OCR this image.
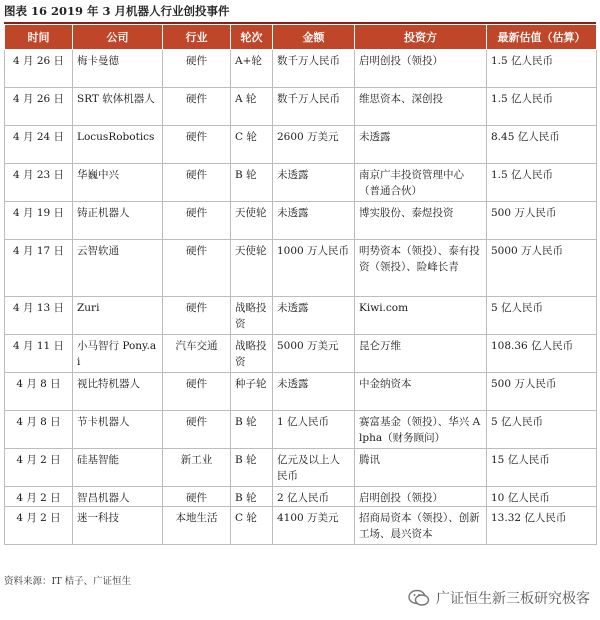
图表 16 2019 年 3 月机器人行业创投事件
时间	公司	行业	轮次	金额	投资方	最新估值（估算）
4 月 26 日	梅卡曼德	硬件	A+轮	数千万人民币	启明创投（领投）	1.5 亿人民币
4 月 26 日	SRT 软体机器人	硬件	A 轮	数千万人民币	维思资本、深创投	1.5 亿人民币
4 月 24 日	LocusRobotics	硬件	C 轮	2600 万美元	未透露	8.45 亿人民币
4 月 23 日	华巍中兴	硬件	B 轮	未透露	南京广丰投资管理中心（普通合伙）	1.5 亿人民币
4 月 19 日	铸正机器人	硬件	天使轮	未透露	博实股份、泰煜投资	500 万人民币
4 月 17 日	云智软通	硬件	天使轮	1000 万人民币	明势资本（领投）、泰有投资（领投）、险峰长青	5000 万人民币
4 月 13 日	Zuri	硬件	战略投资	未透露	Kiwi.com	5 亿人民币
4 月 11 日	小马智行 Pony.ai	汽车交通	战略投资	5000 万美元	昆仑万维	108.36 亿人民币
4 月 8 日	视比特机器人	硬件	种子轮	未透露	中金纳资本	500 万人民币
4 月 8 日	节卡机器人	硬件	B 轮	1 亿人民币	赛富基金（领投）、华兴 Alpha（财务顾问）	5 亿人民币
4 月 2 日	硅基智能	新工业	B 轮	亿元及以上人民币	腾讯	15 亿人民币
4 月 2 日	智昌机器人	硬件	B 轮	2 亿人民币	启明创投（领投）	10 亿人民币
4 月 2 日	迷一科技	本地生活	C 轮	4100 万美元	招商局资本（领投）、创新工场、晨兴资本	13.32 亿人民币
资料来源：IT 桔子、广证恒生
广证恒生新三板研究极客
